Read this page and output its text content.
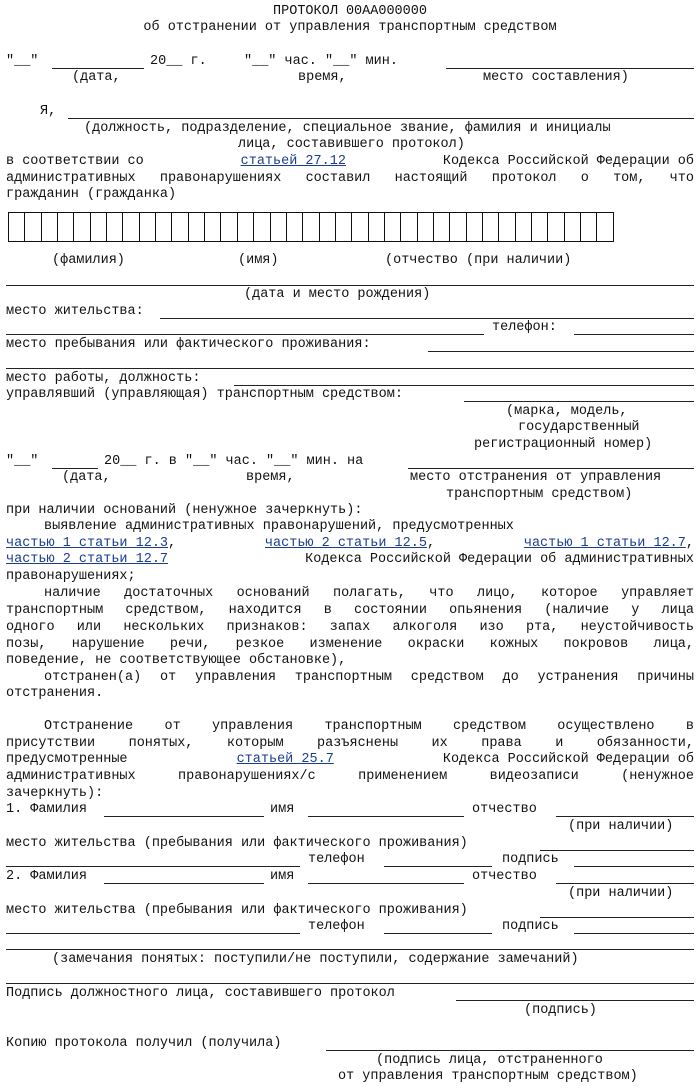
ПРОТОКОЛ 00АА000000
об отстранении от управления транспортным средством
"__"	20__ г.	"__" час. "__" мин.
(дата,	время,	место составления)
Я,
(должность, подразделение, специальное звание, фамилия и инициалы
лица, составившего протокол)
в соответствии со	статьей 27.12	Кодекса Российской Федерации об
административных правонарушениях составил настоящий протокол о том, что
гражданин (гражданка)
(фамилия)	(имя)	(отчество (при наличии)
(дата и место рождения)
место жительства:
телефон:
место пребывания или фактического проживания:
место работы, должность:
управлявший (управляющая) транспортным средством:
(марка, модель,
государственный
регистрационный номер)
"__"	20__ г. в "__" час. "__" мин. на
(дата,	время,	место отстранения от управления
транспортным средством)
при наличии оснований (ненужное зачеркнуть):
выявление административных правонарушений, предусмотренных
частью 1 статьи 12.3,	частью 2 статьи 12.5,	частью 1 статьи 12.7,
частью 2 статьи 12.7	Кодекса Российской Федерации об административных
правонарушениях;
наличие достаточных оснований полагать, что лицо, которое управляет
транспортным средством, находится в состоянии опьянения (наличие у лица
одного или нескольких признаков: запах алкоголя изо рта, неустойчивость
позы, нарушение речи, резкое изменение окраски кожных покровов лица,
поведение, не соответствующее обстановке),
отстранен(а) от управления транспортным средством до устранения причины
отстранения.
Отстранение от управления транспортным средством осуществлено в
присутствии понятых, которым разъяснены их права и обязанности,
предусмотренные	статьей 25.7	Кодекса Российской Федерации об
административных правонарушениях/с применением видеозаписи (ненужное
зачеркнуть):
1. Фамилия	имя	отчество
(при наличии)
место жительства (пребывания или фактического проживания)
телефон	подпись
2. Фамилия	имя	отчество
(при наличии)
место жительства (пребывания или фактического проживания)
телефон	подпись
(замечания понятых: поступили/не поступили, содержание замечаний)
Подпись должностного лица, составившего протокол
(подпись)
Копию протокола получил (получила)
(подпись лица, отстраненного
от управления транспортным средством)
